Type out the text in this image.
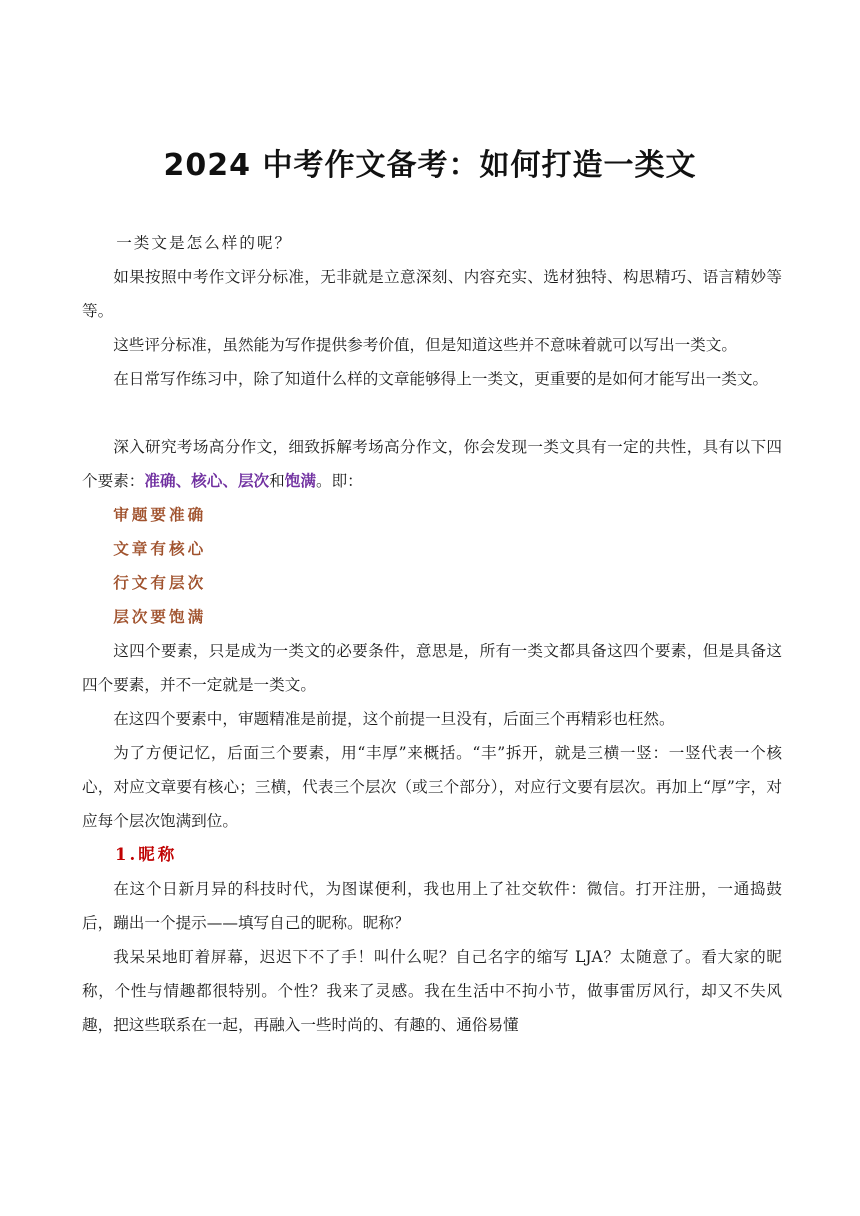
2024 中考作文备考：如何打造一类文

一类文是怎么样的呢？

如果按照中考作文评分标准，无非就是立意深刻、内容充实、选材独特、构思精巧、语言精妙等等。

这些评分标准，虽然能为写作提供参考价值，但是知道这些并不意味着就可以写出一类文。

在日常写作练习中，除了知道什么样的文章能够得上一类文，更重要的是如何才能写出一类文。

深入研究考场高分作文，细致拆解考场高分作文，你会发现一类文具有一定的共性，具有以下四个要素：准确、核心、层次和饱满。即：

审题要准确

文章有核心

行文有层次

层次要饱满

这四个要素，只是成为一类文的必要条件，意思是，所有一类文都具备这四个要素，但是具备这四个要素，并不一定就是一类文。

在这四个要素中，审题精准是前提，这个前提一旦没有，后面三个再精彩也枉然。

为了方便记忆，后面三个要素，用“丰厚”来概括。“丰”拆开，就是三横一竖：一竖代表一个核心，对应文章要有核心；三横，代表三个层次（或三个部分），对应行文要有层次。再加上“厚”字，对应每个层次饱满到位。

1.昵称

在这个日新月异的科技时代，为图谋便利，我也用上了社交软件：微信。打开注册，一通捣鼓后，蹦出一个提示——填写自己的昵称。昵称？

我呆呆地盯着屏幕，迟迟下不了手！叫什么呢？自己名字的缩写 LJA？太随意了。看大家的昵称，个性与情趣都很特别。个性？我来了灵感。我在生活中不拘小节，做事雷厉风行，却又不失风趣，把这些联系在一起，再融入一些时尚的、有趣的、通俗易懂
